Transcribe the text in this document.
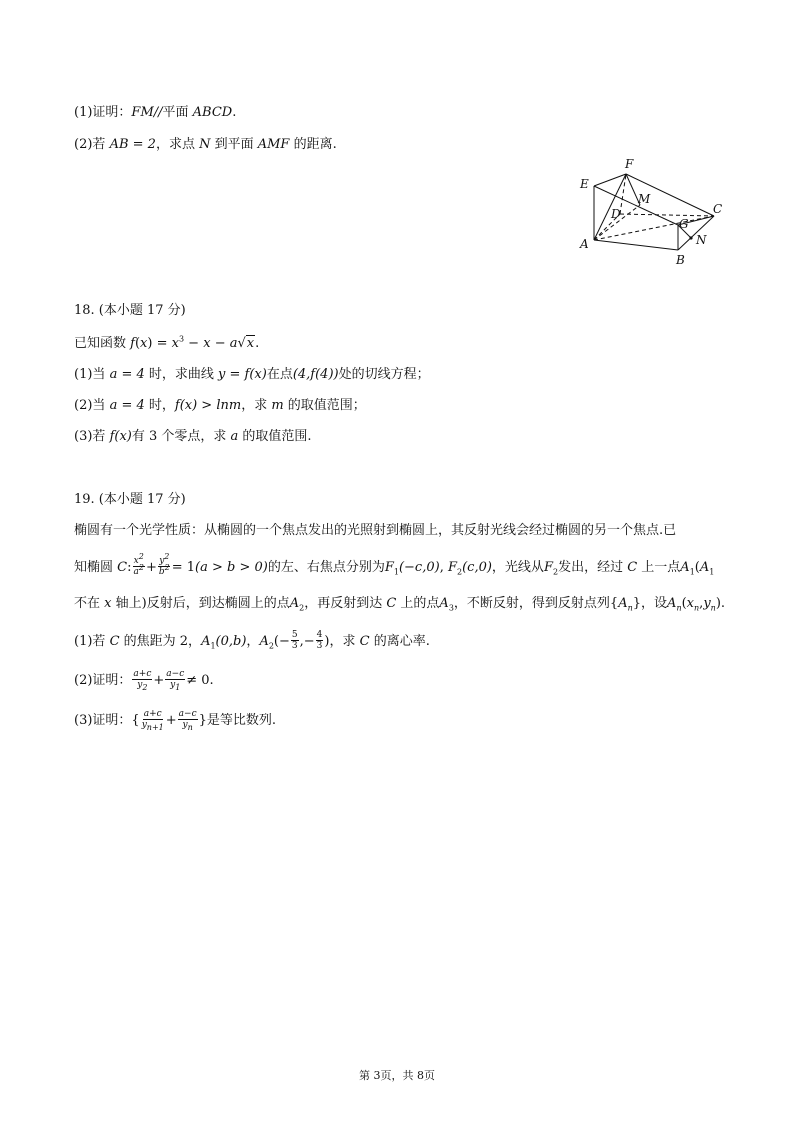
(1)证明：FM//平面 ABCD.
(2)若 AB = 2，求点 N 到平面 AMF 的距离.
E
F
M
D	C
G
N
A
B
18. (本小题 17 分)
已知函数 $f(x) = x^3 - x - a√x$.
(1)当 a = 4 时，求曲线 y = f(x)在点(4,f(4))处的切线方程；
(2)当 a = 4 时，f(x) > lnm，求 m 的取值范围；
(3)若 f(x)有 3 个零点，求 a 的取值范围.
19. (本小题 17 分)
椭圆有一个光学性质：从椭圆的一个焦点发出的光照射到椭圆上，其反射光线会经过椭圆的另一个焦点.已
知椭圆 C: $\frac{x^2}{a^2} + \frac{y^2}{b^2} = 1(a > b > 0)$的左、右焦点分别为$F_1(-c,0)$, $F_2(c,0)$，光线从$F_2$发出，经过 C 上一点$A_1(A_1$
不在 x 轴上)反射后，到达椭圆上的点$A_2$，再反射到达 C 上的点$A_3$，不断反射，得到反射点列$\{A_n\}$，设$A_n(x_n,y_n)$.
(1)若 C 的焦距为 2，$A_1(0,b)$，$A_2(- \frac{5}{3}$ ,− $\frac{4}{3}$ )，求 C 的离心率.
(2)证明： $\frac{a+c}{y_2} + \frac{a-c}{y_1} \ne 0$.
(3)证明：{ $\frac{a+c}{y_{n+1}} + \frac{a-c}{y_n}$ }是等比数列.
第 3页，共 8页
